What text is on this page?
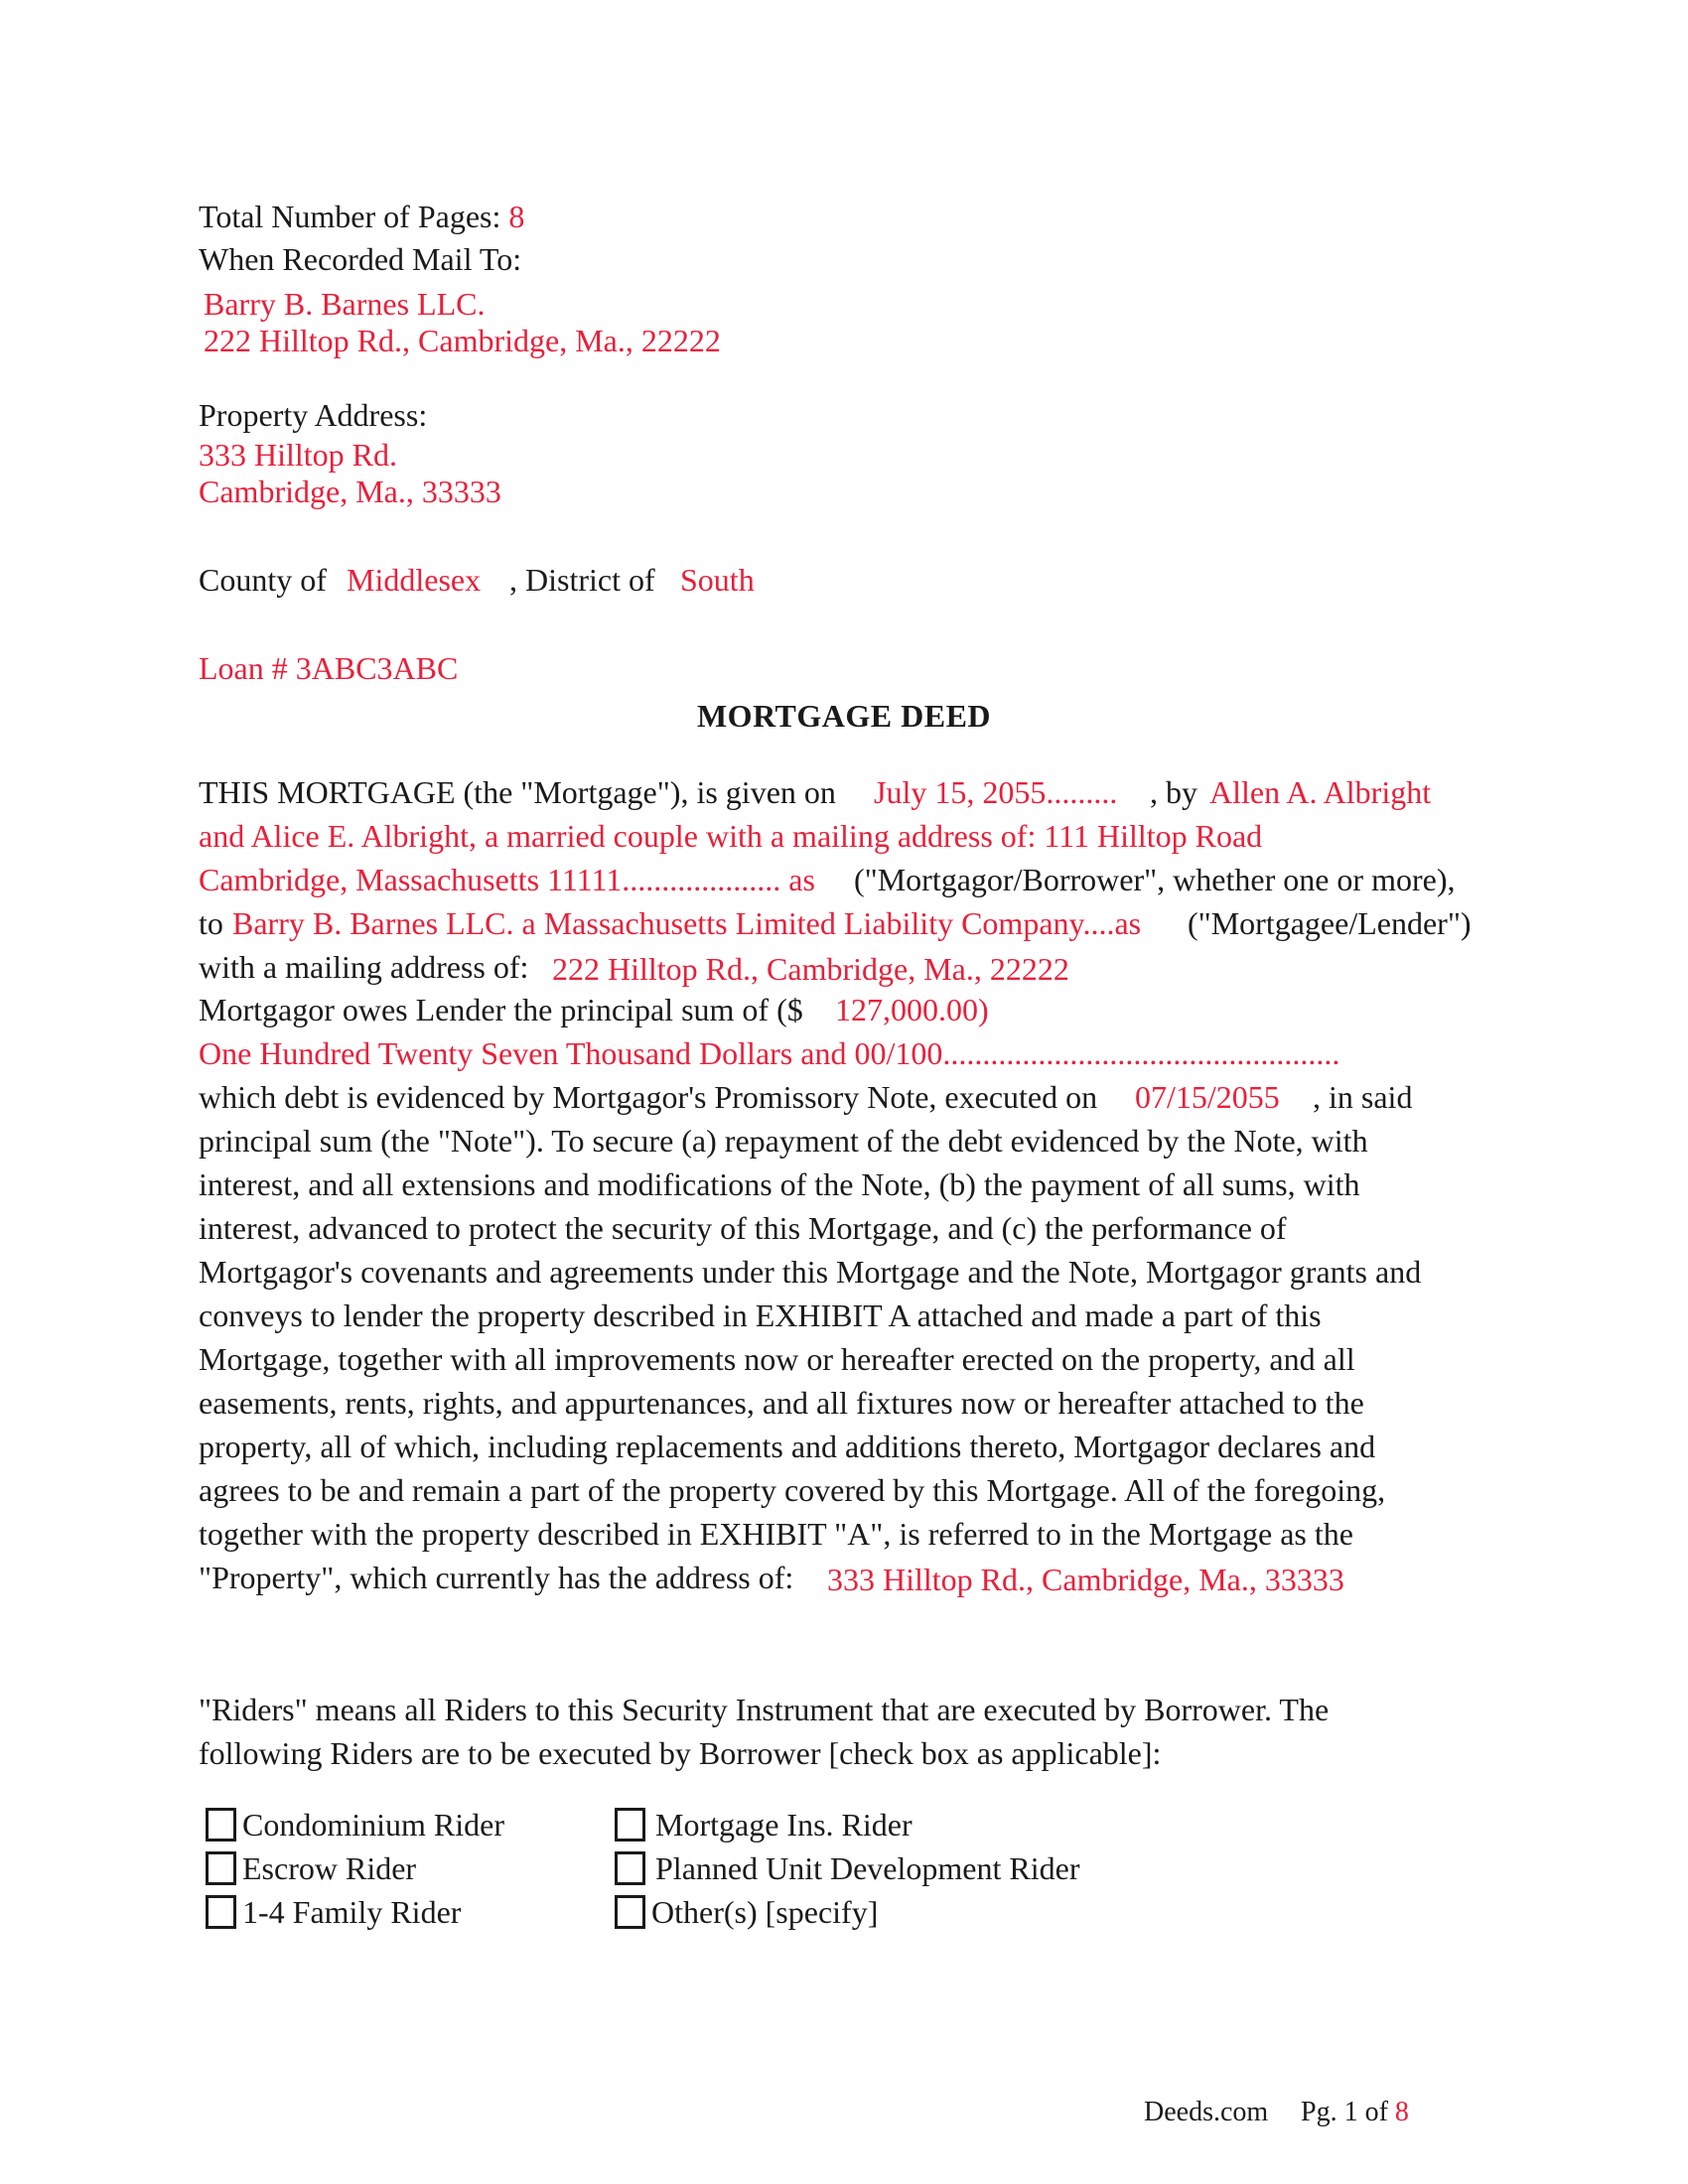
Total Number of Pages: 8
When Recorded Mail To:
Barry B. Barnes LLC.
222 Hilltop Rd., Cambridge, Ma., 22222
Property Address:
333 Hilltop Rd.
Cambridge, Ma., 33333
County of Middlesex , District of South
Loan # 3ABC3ABC
MORTGAGE DEED
THIS MORTGAGE (the "Mortgage"), is given on July 15, 2055......... , by Allen A. Albright
and Alice E. Albright, a married couple with a mailing address of: 111 Hilltop Road
Cambridge, Massachusetts 11111.................... as ("Mortgagor/Borrower", whether one or more),
to Barry B. Barnes LLC. a Massachusetts Limited Liability Company....as ("Mortgagee/Lender")
with a mailing address of: 222 Hilltop Rd., Cambridge, Ma., 22222
Mortgagor owes Lender the principal sum of ($ 127,000.00)
One Hundred Twenty Seven Thousand Dollars and 00/100..................................................
which debt is evidenced by Mortgagor's Promissory Note, executed on 07/15/2055 , in said
principal sum (the "Note"). To secure (a) repayment of the debt evidenced by the Note, with
interest, and all extensions and modifications of the Note, (b) the payment of all sums, with
interest, advanced to protect the security of this Mortgage, and (c) the performance of
Mortgagor's covenants and agreements under this Mortgage and the Note, Mortgagor grants and
conveys to lender the property described in EXHIBIT A attached and made a part of this
Mortgage, together with all improvements now or hereafter erected on the property, and all
easements, rents, rights, and appurtenances, and all fixtures now or hereafter attached to the
property, all of which, including replacements and additions thereto, Mortgagor declares and
agrees to be and remain a part of the property covered by this Mortgage. All of the foregoing,
together with the property described in EXHIBIT "A", is referred to in the Mortgage as the
"Property", which currently has the address of: 333 Hilltop Rd., Cambridge, Ma., 33333
"Riders" means all Riders to this Security Instrument that are executed by Borrower. The
following Riders are to be executed by Borrower [check box as applicable]:
Condominium Rider
Escrow Rider
1-4 Family Rider
Mortgage Ins. Rider
Planned Unit Development Rider
Other(s) [specify]
Deeds.com Pg. 1 of 8
